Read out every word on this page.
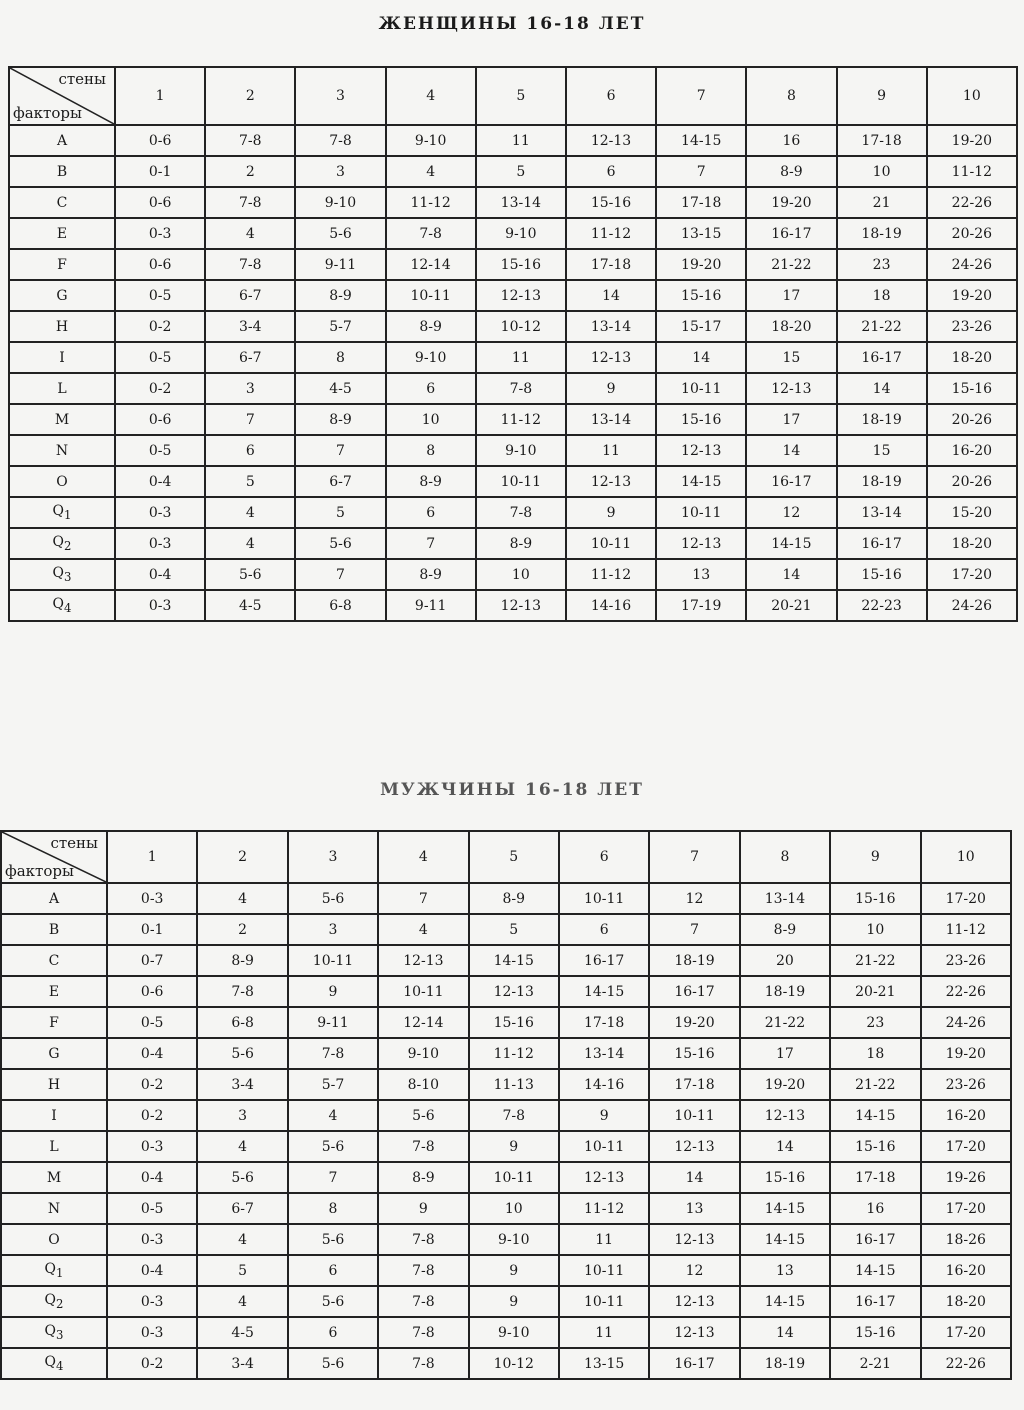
ЖЕНЩИНЫ 16-18 ЛЕТ
стены
факторы	1	2	3	4	5	6	7	8	9	10
A	0-6	7-8	7-8	9-10	11	12-13	14-15	16	17-18	19-20
B	0-1	2	3	4	5	6	7	8-9	10	11-12
C	0-6	7-8	9-10	11-12	13-14	15-16	17-18	19-20	21	22-26
E	0-3	4	5-6	7-8	9-10	11-12	13-15	16-17	18-19	20-26
F	0-6	7-8	9-11	12-14	15-16	17-18	19-20	21-22	23	24-26
G	0-5	6-7	8-9	10-11	12-13	14	15-16	17	18	19-20
H	0-2	3-4	5-7	8-9	10-12	13-14	15-17	18-20	21-22	23-26
I	0-5	6-7	8	9-10	11	12-13	14	15	16-17	18-20
L	0-2	3	4-5	6	7-8	9	10-11	12-13	14	15-16
M	0-6	7	8-9	10	11-12	13-14	15-16	17	18-19	20-26
N	0-5	6	7	8	9-10	11	12-13	14	15	16-20
O	0-4	5	6-7	8-9	10-11	12-13	14-15	16-17	18-19	20-26
$Q_1$	0-3	4	5	6	7-8	9	10-11	12	13-14	15-20
$Q_2$	0-3	4	5-6	7	8-9	10-11	12-13	14-15	16-17	18-20
$Q_3$	0-4	5-6	7	8-9	10	11-12	13	14	15-16	17-20
$Q_4$	0-3	4-5	6-8	9-11	12-13	14-16	17-19	20-21	22-23	24-26
МУЖЧИНЫ 16-18 ЛЕТ
стены
факторы	1	2	3	4	5	6	7	8	9	10
A	0-3	4	5-6	7	8-9	10-11	12	13-14	15-16	17-20
B	0-1	2	3	4	5	6	7	8-9	10	11-12
C	0-7	8-9	10-11	12-13	14-15	16-17	18-19	20	21-22	23-26
E	0-6	7-8	9	10-11	12-13	14-15	16-17	18-19	20-21	22-26
F	0-5	6-8	9-11	12-14	15-16	17-18	19-20	21-22	23	24-26
G	0-4	5-6	7-8	9-10	11-12	13-14	15-16	17	18	19-20
H	0-2	3-4	5-7	8-10	11-13	14-16	17-18	19-20	21-22	23-26
I	0-2	3	4	5-6	7-8	9	10-11	12-13	14-15	16-20
L	0-3	4	5-6	7-8	9	10-11	12-13	14	15-16	17-20
M	0-4	5-6	7	8-9	10-11	12-13	14	15-16	17-18	19-26
N	0-5	6-7	8	9	10	11-12	13	14-15	16	17-20
O	0-3	4	5-6	7-8	9-10	11	12-13	14-15	16-17	18-26
$Q_1$	0-4	5	6	7-8	9	10-11	12	13	14-15	16-20
$Q_2$	0-3	4	5-6	7-8	9	10-11	12-13	14-15	16-17	18-20
$Q_3$	0-3	4-5	6	7-8	9-10	11	12-13	14	15-16	17-20
$Q_4$	0-2	3-4	5-6	7-8	10-12	13-15	16-17	18-19	2-21	22-26
